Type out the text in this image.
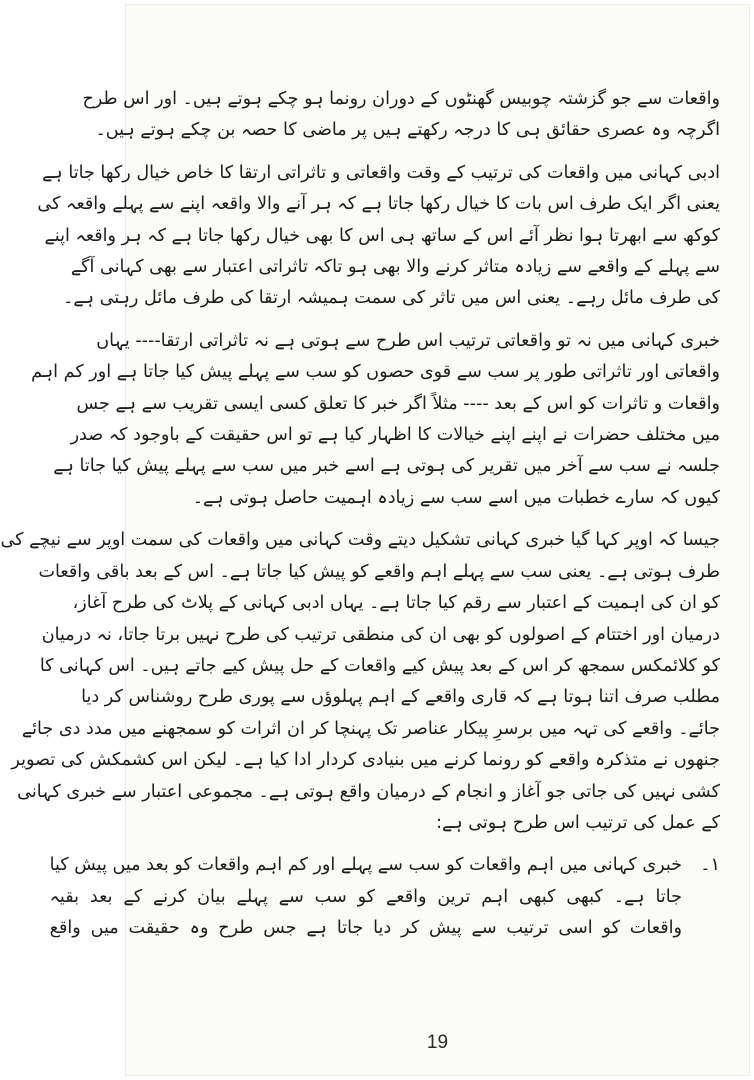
واقعات سے جو گزشتہ چوبیس گھنٹوں کے دوران رونما ہو چکے ہوتے ہیں۔ اور اس طرح
اگرچہ وہ عصری حقائق ہی کا درجہ رکھتے ہیں پر ماضی کا حصہ بن چکے ہوتے ہیں۔

ادبی کہانی میں واقعات کی ترتیب کے وقت واقعاتی و تاثراتی ارتقا کا خاص خیال رکھا جاتا ہے
یعنی اگر ایک طرف اس بات کا خیال رکھا جاتا ہے کہ ہر آنے والا واقعہ اپنے سے پہلے واقعہ کی
کوکھ سے ابھرتا ہوا نظر آئے اس کے ساتھ ہی اس کا بھی خیال رکھا جاتا ہے کہ ہر واقعہ اپنے
سے پہلے کے واقعے سے زیادہ متاثر کرنے والا بھی ہو تاکہ تاثراتی اعتبار سے بھی کہانی آگے
کی طرف مائل رہے۔ یعنی اس میں تاثر کی سمت ہمیشہ ارتقا کی طرف مائل رہتی ہے۔

خبری کہانی میں نہ تو واقعاتی ترتیب اس طرح سے ہوتی ہے نہ تاثراتی ارتقا---- یہاں
واقعاتی اور تاثراتی طور پر سب سے قوی حصوں کو سب سے پہلے پیش کیا جاتا ہے اور کم اہم
واقعات و تاثرات کو اس کے بعد ---- مثلاً اگر خبر کا تعلق کسی ایسی تقریب سے ہے جس
میں مختلف حضرات نے اپنے اپنے خیالات کا اظہار کیا ہے تو اس حقیقت کے باوجود کہ صدر
جلسہ نے سب سے آخر میں تقریر کی ہوتی ہے اسے خبر میں سب سے پہلے پیش کیا جاتا ہے
کیوں کہ سارے خطبات میں اسے سب سے زیادہ اہمیت حاصل ہوتی ہے۔

جیسا کہ اوپر کہا گیا خبری کہانی تشکیل دیتے وقت کہانی میں واقعات کی سمت اوپر سے نیچے کی
طرف ہوتی ہے۔ یعنی سب سے پہلے اہم واقعے کو پیش کیا جاتا ہے۔ اس کے بعد باقی واقعات
کو ان کی اہمیت کے اعتبار سے رقم کیا جاتا ہے۔ یہاں ادبی کہانی کے پلاٹ کی طرح آغاز،
درمیان اور اختتام کے اصولوں کو بھی ان کی منطقی ترتیب کی طرح نہیں برتا جاتا، نہ درمیان
کو کلائمکس سمجھ کر اس کے بعد پیش کیے واقعات کے حل پیش کیے جاتے ہیں۔ اس کہانی کا
مطلب صرف اتنا ہوتا ہے کہ قاری واقعے کے اہم پہلوؤں سے پوری طرح روشناس کر دیا
جائے۔ واقعے کی تہہ میں برسرِ پیکار عناصر تک پہنچا کر ان اثرات کو سمجھنے میں مدد دی جائے
جنھوں نے متذکرہ واقعے کو رونما کرنے میں بنیادی کردار ادا کیا ہے۔ لیکن اس کشمکش کی تصویر
کشی نہیں کی جاتی جو آغاز و انجام کے درمیان واقع ہوتی ہے۔ مجموعی اعتبار سے خبری کہانی
کے عمل کی ترتیب اس طرح ہوتی ہے:

۱۔
خبری کہانی میں اہم واقعات کو سب سے پہلے اور کم اہم واقعات کو بعد میں پیش کیا
جاتا ہے۔ کبھی کبھی اہم ترین واقعے کو سب سے پہلے بیان کرنے کے بعد بقیہ
واقعات کو اسی ترتیب سے پیش کر دیا جاتا ہے جس طرح وہ حقیقت میں واقع
19
